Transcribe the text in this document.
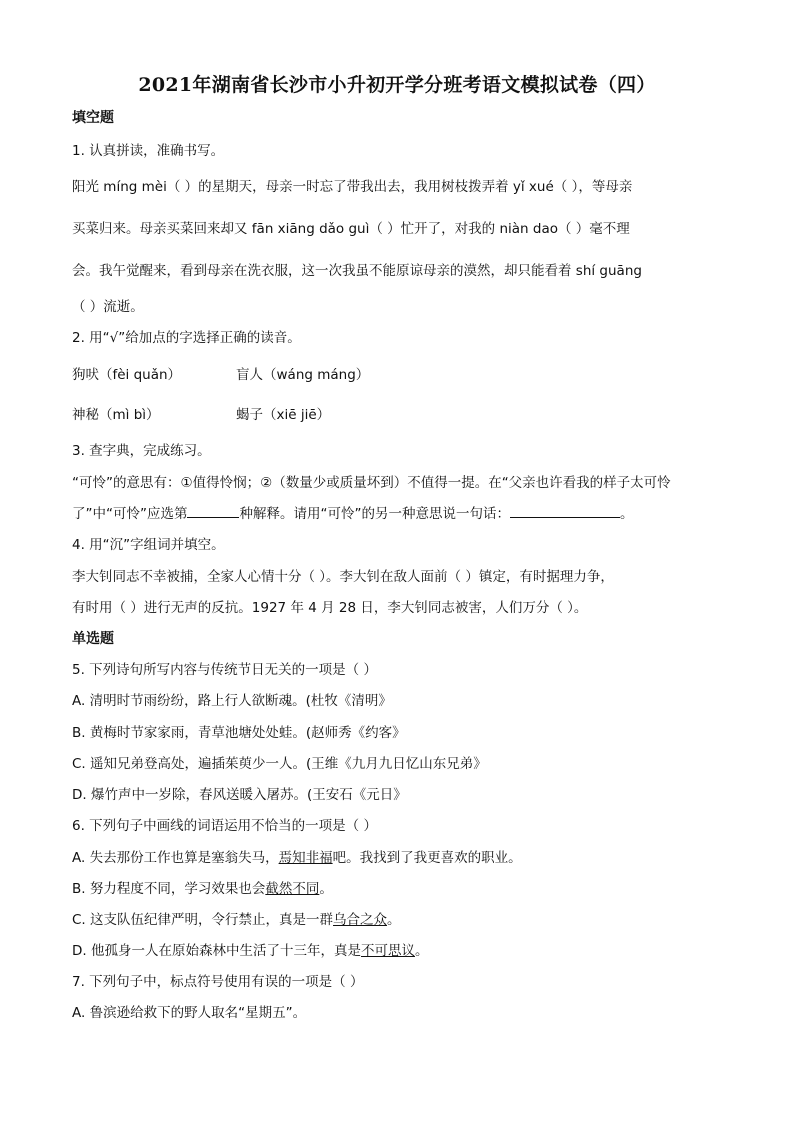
2021年湖南省长沙市小升初开学分班考语文模拟试卷（四）
填空题
1. 认真拼读，准确书写。
阳光 míng mèi（ ）的星期天，母亲一时忘了带我出去，我用树枝拨弄着 yǐ xué（ ），等母亲
买菜归来。母亲买菜回来却又 fān xiāng dǎo guì（ ）忙开了，对我的 niàn dao（ ）毫不理
会。我午觉醒来，看到母亲在洗衣服，这一次我虽不能原谅母亲的漠然，却只能看着 shí guāng
（ ）流逝。
2. 用“√”给加点的字选择正确的读音。
狗吠（fèi quǎn）	盲人（wáng máng）
神秘（mì bì）	蝎子（xiē jiē）
3. 查字典，完成练习。
“可怜”的意思有：①值得怜悯；②（数量少或质量坏到）不值得一提。在“父亲也许看我的样子太可怜
了”中“可怜”应选第	种解释。请用“可怜”的另一种意思说一句话：	。
4. 用“沉”字组词并填空。
李大钊同志不幸被捕，全家人心情十分（ ）。李大钊在敌人面前（ ）镇定，有时据理力争，
有时用（ ）进行无声的反抗。1927 年 4 月 28 日，李大钊同志被害，人们万分（ ）。
单选题
5. 下列诗句所写内容与传统节日无关的一项是（ ）
A. 清明时节雨纷纷，路上行人欲断魂。(杜牧《清明》
B. 黄梅时节家家雨，青草池塘处处蛙。(赵师秀《约客》
C. 遥知兄弟登高处，遍插茱萸少一人。(王维《九月九日忆山东兄弟》
D. 爆竹声中一岁除，春风送暖入屠苏。(王安石《元日》
6. 下列句子中画线的词语运用不恰当的一项是（ ）
A. 失去那份工作也算是塞翁失马，焉知非福吧。我找到了我更喜欢的职业。
B. 努力程度不同，学习效果也会截然不同。
C. 这支队伍纪律严明，令行禁止，真是一群乌合之众。
D. 他孤身一人在原始森林中生活了十三年，真是不可思议。
7. 下列句子中，标点符号使用有误的一项是（ ）
A. 鲁滨逊给救下的野人取名“星期五”。
